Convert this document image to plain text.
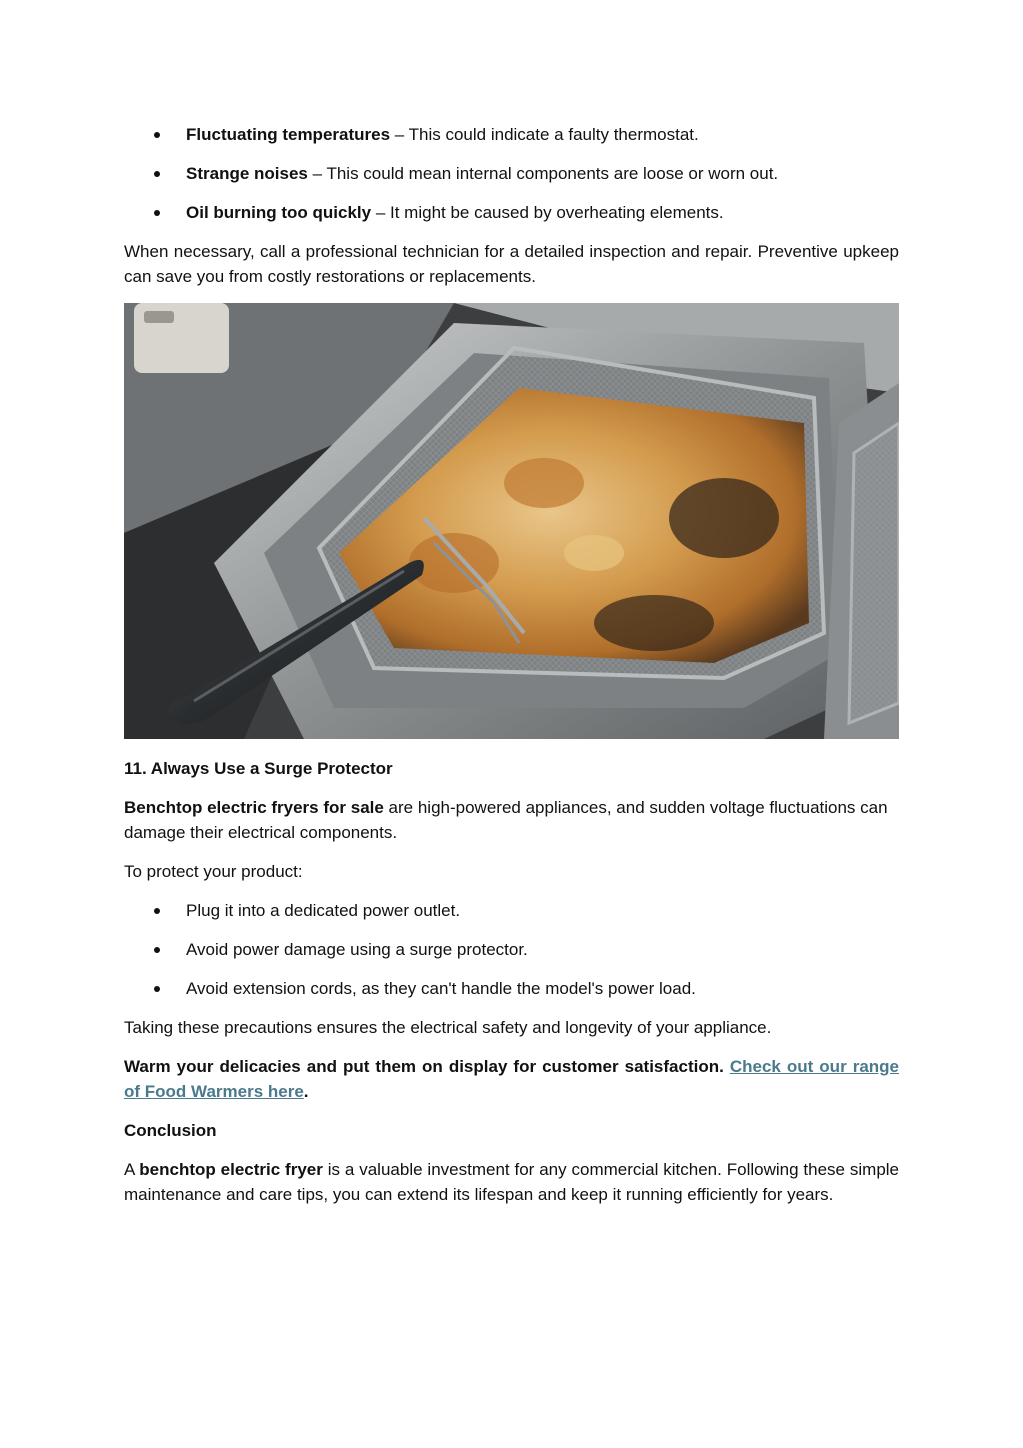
Fluctuating temperatures – This could indicate a faulty thermostat.
Strange noises – This could mean internal components are loose or worn out.
Oil burning too quickly – It might be caused by overheating elements.

When necessary, call a professional technician for a detailed inspection and repair. Preventive upkeep can save you from costly restorations or replacements.

11. Always Use a Surge Protector

Benchtop electric fryers for sale are high-powered appliances, and sudden voltage fluctuations can damage their electrical components.

To protect your product:

Plug it into a dedicated power outlet.
Avoid power damage using a surge protector.
Avoid extension cords, as they can't handle the model's power load.

Taking these precautions ensures the electrical safety and longevity of your appliance.

Warm your delicacies and put them on display for customer satisfaction. Check out our range of Food Warmers here.

Conclusion

A benchtop electric fryer is a valuable investment for any commercial kitchen. Following these simple maintenance and care tips, you can extend its lifespan and keep it running efficiently for years.
